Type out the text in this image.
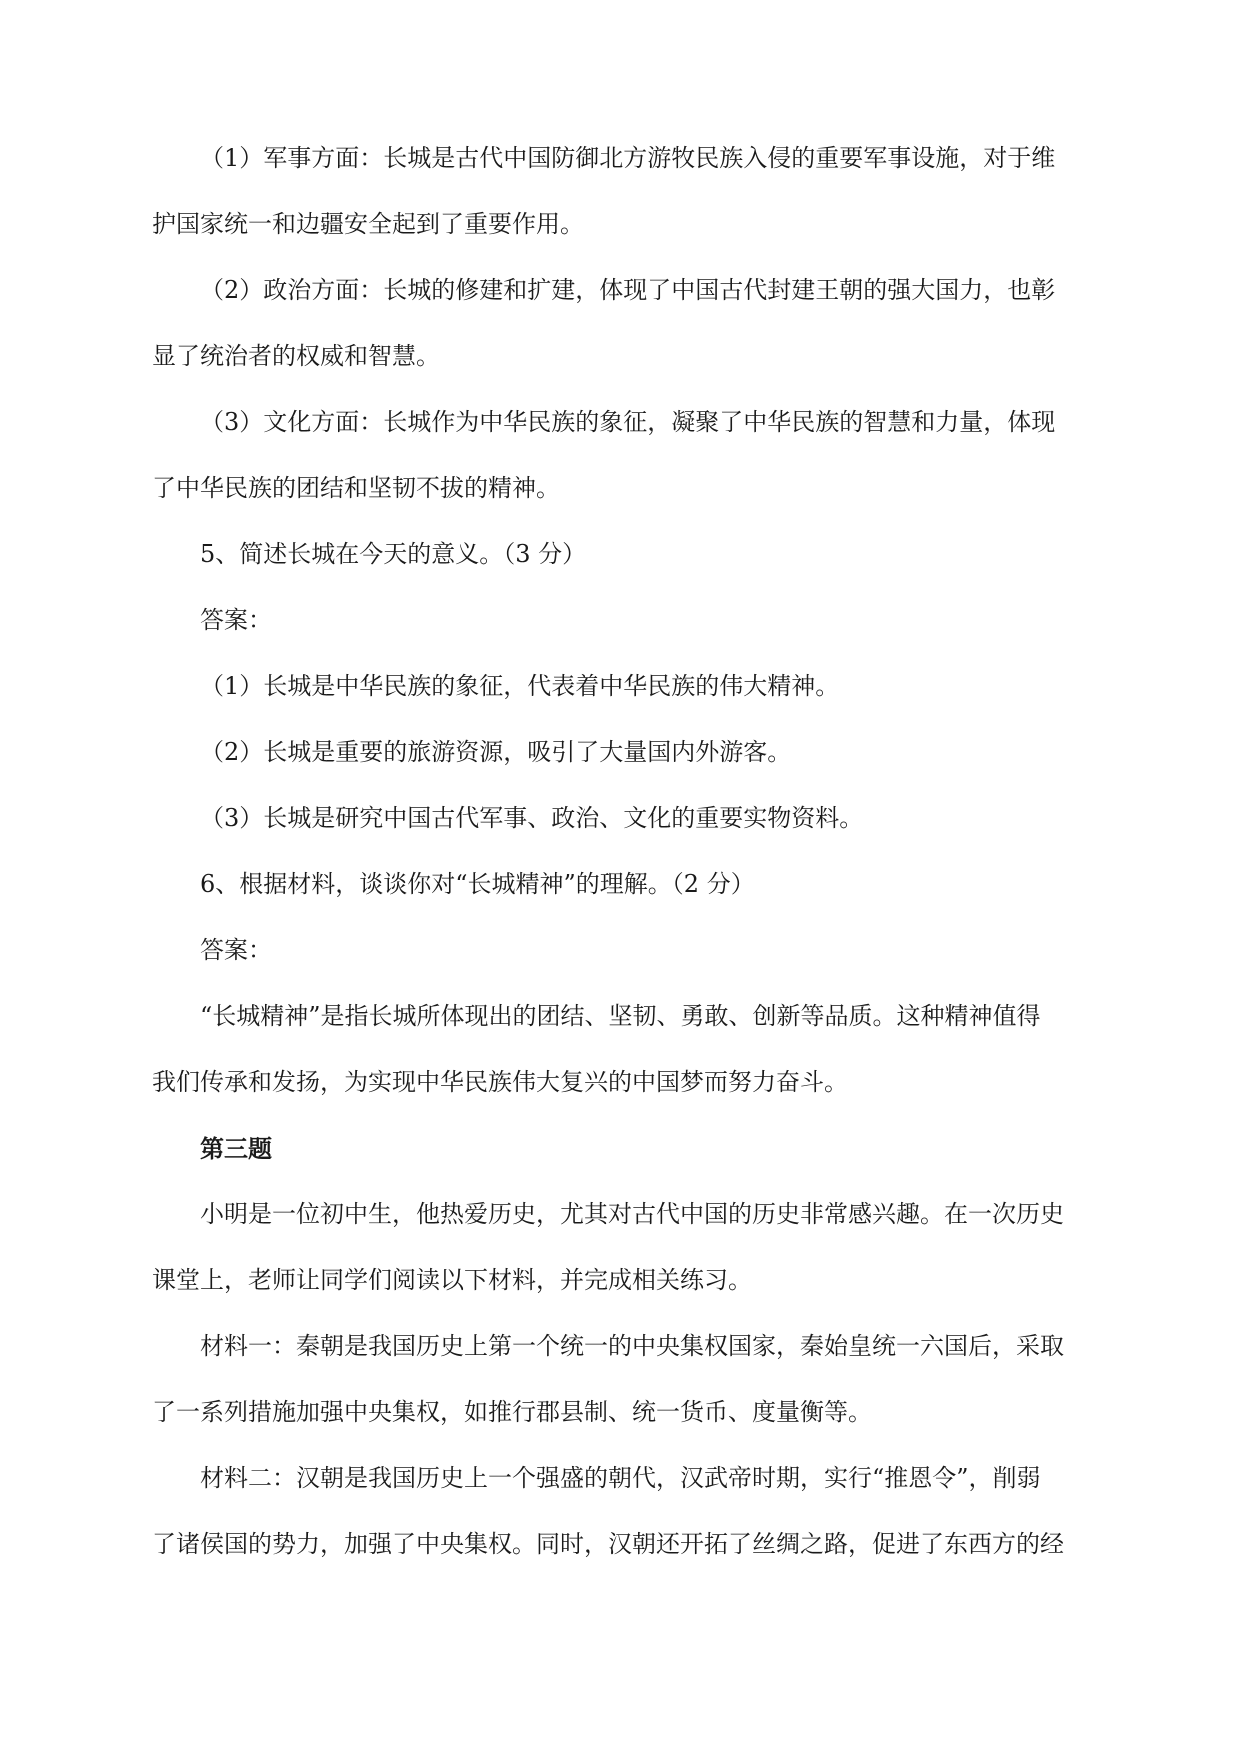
（1）军事方面：长城是古代中国防御北方游牧民族入侵的重要军事设施，对于维

护国家统一和边疆安全起到了重要作用。

（2）政治方面：长城的修建和扩建，体现了中国古代封建王朝的强大国力，也彰

显了统治者的权威和智慧。

（3）文化方面：长城作为中华民族的象征，凝聚了中华民族的智慧和力量，体现

了中华民族的团结和坚韧不拔的精神。

5、简述长城在今天的意义。（3 分）

答案：

（1）长城是中华民族的象征，代表着中华民族的伟大精神。

（2）长城是重要的旅游资源，吸引了大量国内外游客。

（3）长城是研究中国古代军事、政治、文化的重要实物资料。

6、根据材料，谈谈你对“长城精神”的理解。（2 分）

答案：

“长城精神”是指长城所体现出的团结、坚韧、勇敢、创新等品质。这种精神值得

我们传承和发扬，为实现中华民族伟大复兴的中国梦而努力奋斗。

第三题

小明是一位初中生，他热爱历史，尤其对古代中国的历史非常感兴趣。在一次历史

课堂上，老师让同学们阅读以下材料，并完成相关练习。

材料一：秦朝是我国历史上第一个统一的中央集权国家，秦始皇统一六国后，采取

了一系列措施加强中央集权，如推行郡县制、统一货币、度量衡等。

材料二：汉朝是我国历史上一个强盛的朝代，汉武帝时期，实行“推恩令”，削弱

了诸侯国的势力，加强了中央集权。同时，汉朝还开拓了丝绸之路，促进了东西方的经
